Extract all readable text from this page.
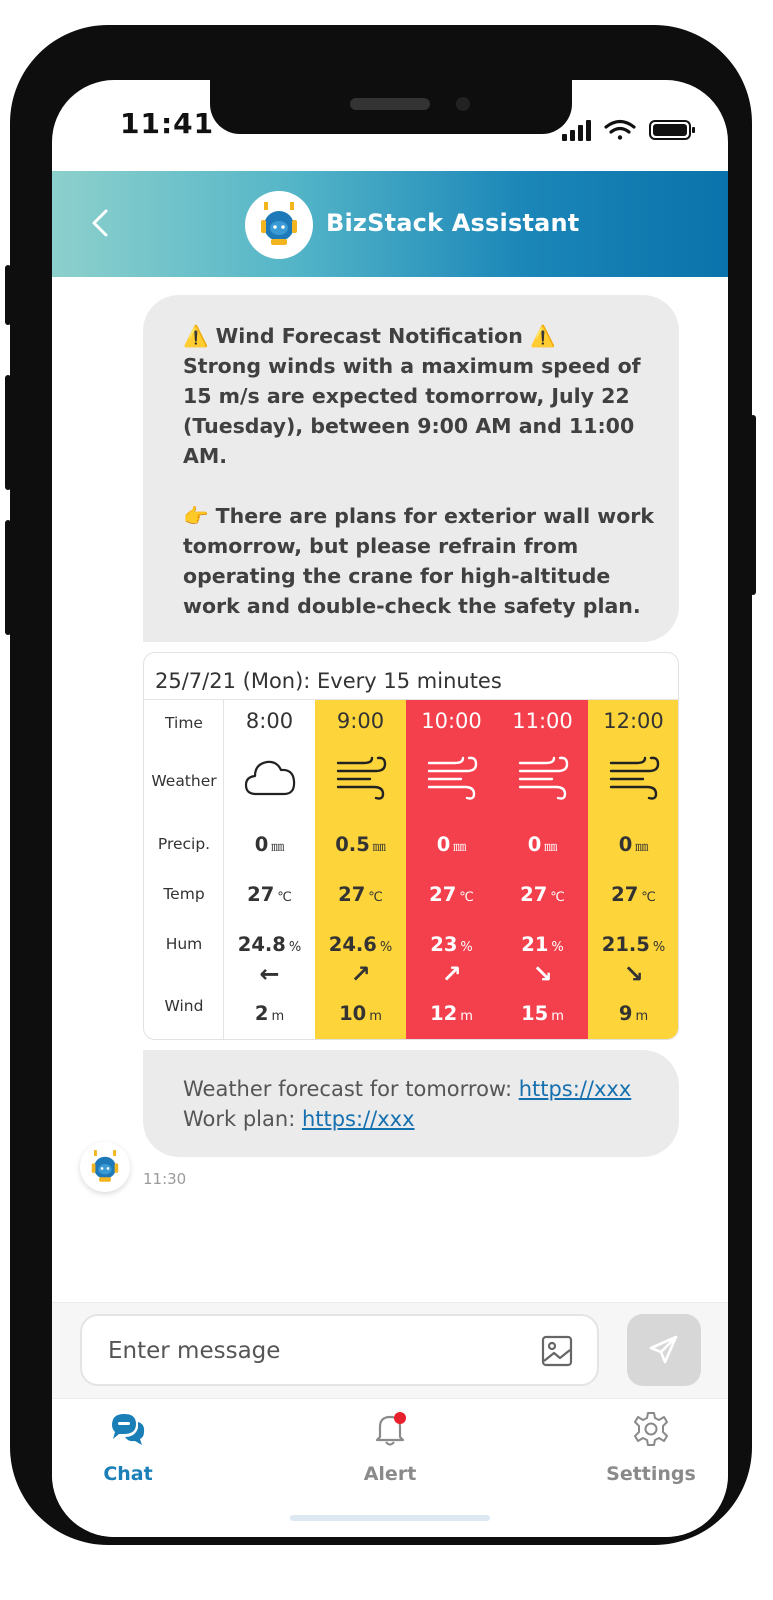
11:41
BizStack Assistant
⚠️ Wind Forecast Notification ⚠️
Strong winds with a maximum speed of
15 m/s are expected tomorrow, July 22
(Tuesday), between 9:00 AM and 11:00
AM.
👉 There are plans for exterior wall work
tomorrow, but please refrain from
operating the crane for high-altitude
work and double-check the safety plan.
25/7/21 (Mon): Every 15 minutes
Time
Weather
Precip.
Temp
Hum
Wind
8:00
0 ㎜
27 ℃
24.8 %
←
2 m
9:00
0.5 ㎜
27 ℃
24.6 %
↗
10 m
10:00
0 ㎜
27 ℃
23 %
↗
12 m
11:00
0 ㎜
27 ℃
21 %
↘
15 m
12:00
0 ㎜
27 ℃
21.5 %
↘
9 m
Weather forecast for tomorrow: https://xxx
Work plan: https://xxx
11:30
Enter message
Chat	Alert	Settings
